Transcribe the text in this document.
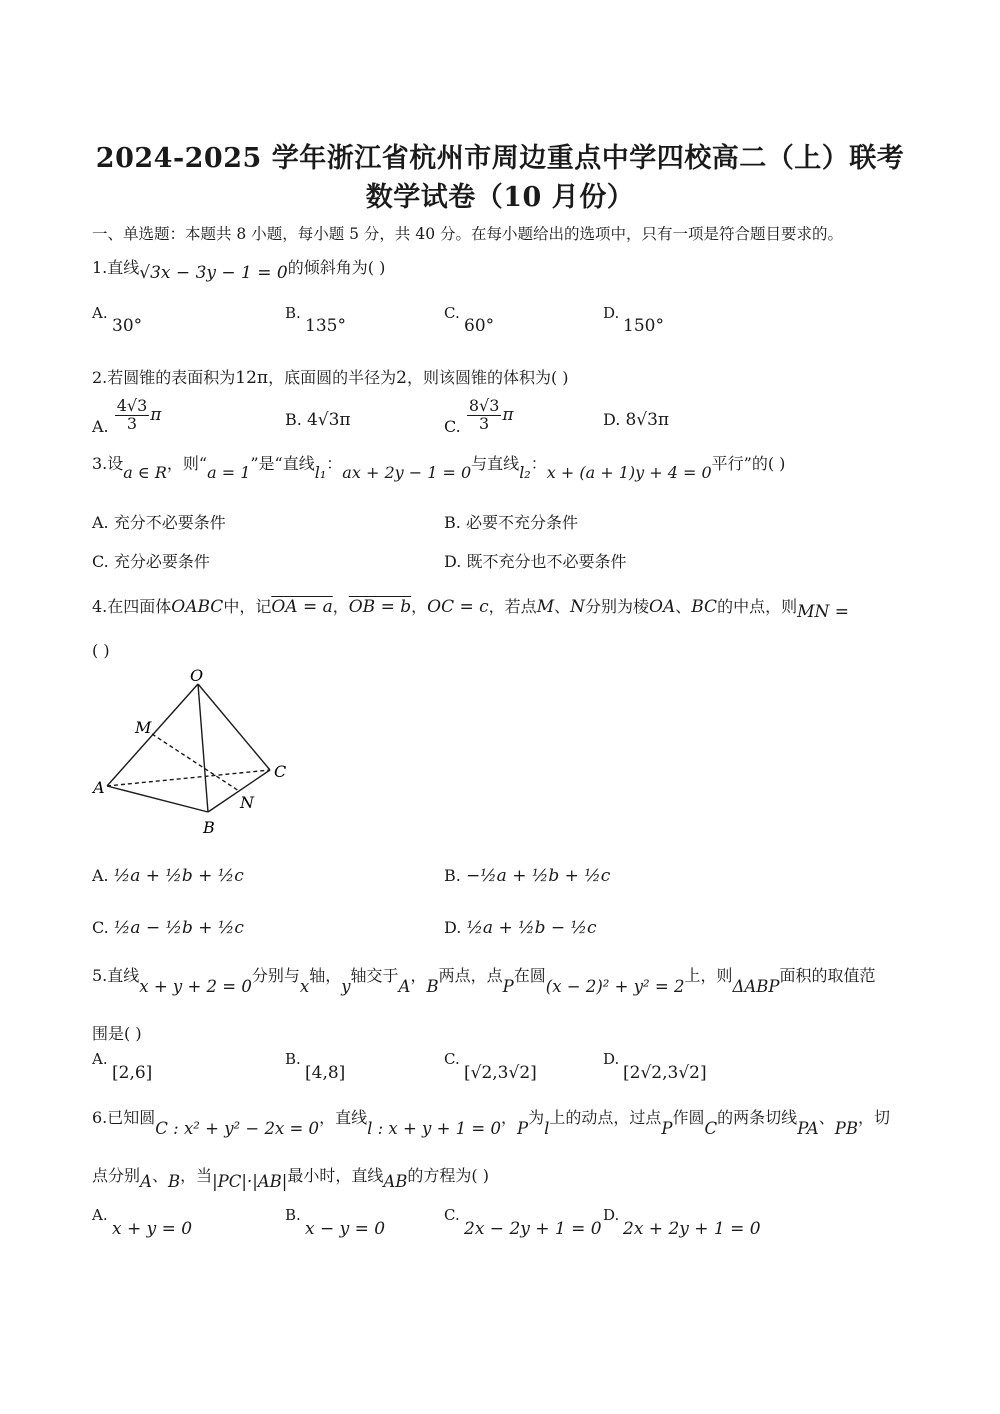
2024-2025 学年浙江省杭州市周边重点中学四校高二（上）联考
数学试卷（10 月份）
一、单选题：本题共 8 小题，每小题 5 分，共 40 分。在每小题给出的选项中，只有一项是符合题目要求的。
1.直线√3x − 3y − 1 = 0的倾斜角为( )
A.
30°
B.
135°
C.
60°
D.
150°
2.若圆锥的表面积为12π，底面圆的半径为2，则该圆锥的体积为( )
A. $\frac{4√3}{3}$ π	B. 4√3π	C. $\frac{8√3}{3}$ π	D. 8√3π
3.设a ∈ R，则“a = 1”是“直线l₁：ax + 2y − 1 = 0与直线l₂：x + (a + 1)y + 4 = 0平行”的( )
A. 充分不必要条件	B. 必要不充分条件
C. 充分必要条件	D. 既不充分也不必要条件
4.在四面体OABC中，记OA = a，OB = b，OC = c，若点M、N分别为棱OA、BC的中点，则MN =
( )
O
M
A
B
C
N
A. ½a + ½b + ½c	B. −½a + ½b + ½c
C. ½a − ½b + ½c	D. ½a + ½b − ½c
5.直线x + y + 2 = 0分别与x轴，y轴交于A，B两点，点P在圆(x − 2)² + y² = 2上，则ΔABP面积的取值范
围是( )
A.
[2,6]
B.
[4,8]
C.
[√2,3√2]
D.
[2√2,3√2]
6.已知圆C : x² + y² − 2x = 0，直线l : x + y + 1 = 0，P为l上的动点，过点P作圆C的两条切线PA、PB，切
点分别A、B，当|PC|·|AB|最小时，直线AB的方程为( )
A.
x + y = 0
B.
x − y = 0
C.
2x − 2y + 1 = 0
D.
2x + 2y + 1 = 0
